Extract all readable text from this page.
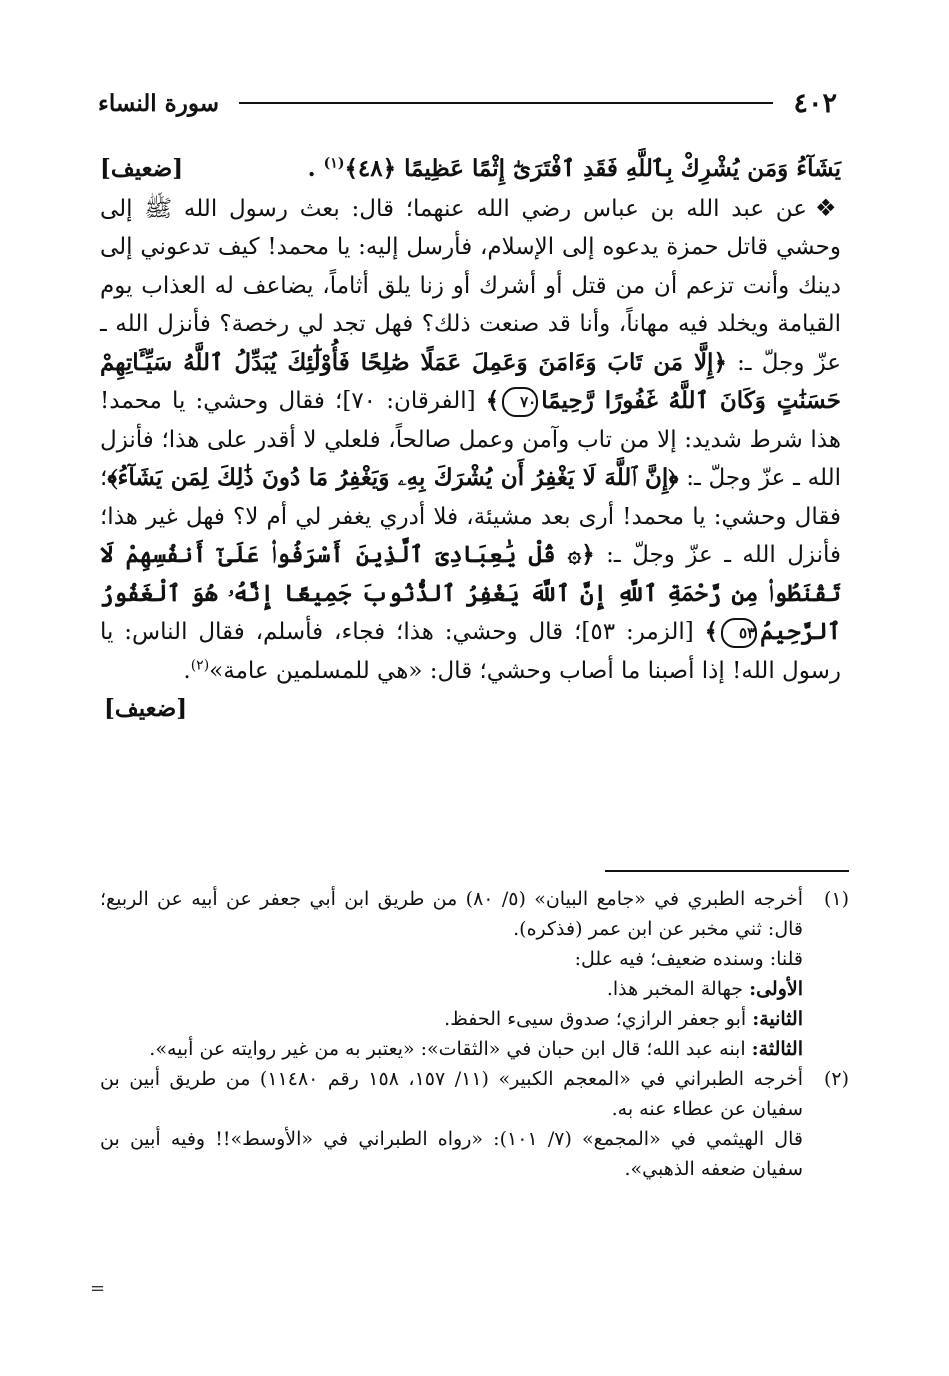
٤٠٢
سورة النساء

[ضعيف]	يَشَآءُ وَمَن يُشْرِكْ بِٱللَّهِ فَقَدِ ٱفْتَرَىٰٓ إِثْمًا عَظِيمًا ﴿٤٨﴾$^{(١)}$ .

❖عن عبد الله بن عباس رضي الله عنهما؛ قال: بعث رسول الله ﷺ إلى وحشي قاتل حمزة يدعوه إلى الإسلام، فأرسل إليه: يا محمد! كيف تدعوني إلى دينك وأنت تزعم أن من قتل أو أشرك أو زنا يلق أثاماً، يضاعف له العذاب يوم القيامة ويخلد فيه مهاناً، وأنا قد صنعت ذلك؟ فهل تجد لي رخصة؟ فأنزل الله ـ عزّ وجلّ ـ: ﴿إِلَّا مَن تَابَ وَءَامَنَ وَعَمِلَ عَمَلًا صَٰلِحًا فَأُوْلَٰٓئِكَ يُبَدِّلُ ٱللَّهُ سَيِّـَٔاتِهِمْ حَسَنَٰتٍ وَكَانَ ٱللَّهُ غَفُورًا رَّحِيمًا٧٠﴾ [الفرقان: ٧٠]؛ فقال وحشي: يا محمد! هذا شرط شديد: إلا من تاب وآمن وعمل صالحاً، فلعلي لا أقدر على هذا؛ فأنزل الله ـ عزّ وجلّ ـ: ﴿إِنَّ ٱللَّهَ لَا يَغْفِرُ أَن يُشْرَكَ بِهِۦ وَيَغْفِرُ مَا دُونَ ذَٰلِكَ لِمَن يَشَآءُ﴾؛ فقال وحشي: يا محمد! أرى بعد مشيئة، فلا أدري يغفر لي أم لا؟ فهل غير هذا؛ فأنزل الله ـ عزّ وجلّ ـ: ﴿۞ قُلْ يَٰعِبَادِىَ ٱلَّذِينَ أَسْرَفُوا۟ عَلَىٰٓ أَنفُسِهِمْ لَا تَقْنَطُوا۟ مِن رَّحْمَةِ ٱللَّهِ إِنَّ ٱللَّهَ يَغْفِرُ ٱلذُّنُوبَ جَمِيعًا إِنَّهُۥ هُوَ ٱلْغَفُورُ ٱلرَّحِيمُ٥٣﴾ [الزمر: ٥٣]؛ قال وحشي: هذا؛ فجاء، فأسلم، فقال الناس: يا رسول الله! إذا أصبنا ما أصاب وحشي؛ قال: «هي للمسلمين عامة»$^{(٢)}$.
[ضعيف]

(١)

أخرجه الطبري في «جامع البيان» (٥/ ٨٠) من طريق ابن أبي جعفر عن أبيه عن الربيع؛ قال: ثني مخبر عن ابن عمر (فذكره).

قلنا: وسنده ضعيف؛ فيه علل:

الأولى: جهالة المخبر هذا.

الثانية: أبو جعفر الرازي؛ صدوق سيىء الحفظ.

الثالثة: ابنه عبد الله؛ قال ابن حبان في «الثقات»: «يعتبر به من غير روايته عن أبيه».

(٢)

أخرجه الطبراني في «المعجم الكبير» (١١/ ١٥٧، ١٥٨ رقم ١١٤٨٠) من طريق أبين بن سفيان عن عطاء عنه به.

قال الهيثمي في «المجمع» (٧/ ١٠١): «رواه الطبراني في «الأوسط»!! وفيه أبين بن سفيان ضعفه الذهبي».

=
